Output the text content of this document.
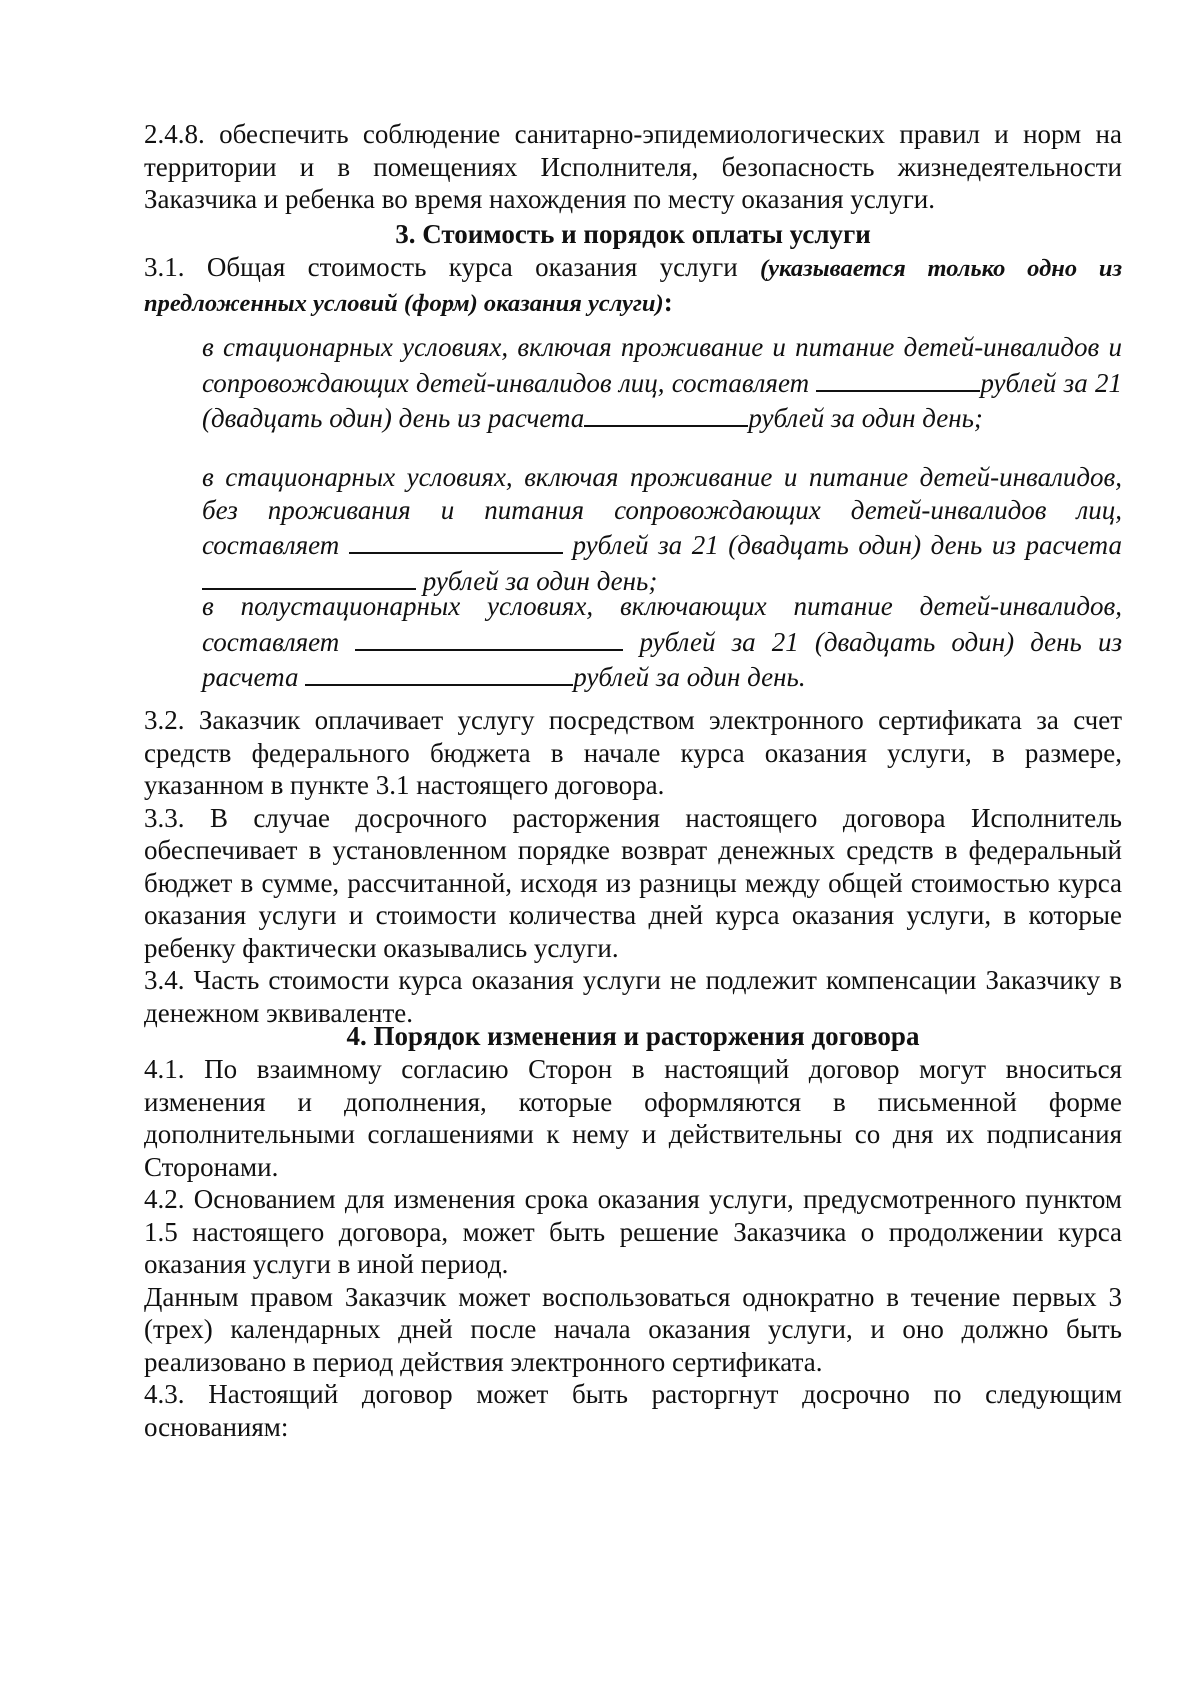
2.4.8. обеспечить соблюдение санитарно-эпидемиологических правил и норм на территории и в помещениях Исполнителя, безопасность жизнедеятельности Заказчика и ребенка во время нахождения по месту оказания услуги.

3. Стоимость и порядок оплаты услуги

3.1. Общая стоимость курса оказания услуги (указывается только одно из предложенных условий (форм) оказания услуги):

в стационарных условиях, включая проживание и питание детей-инвалидов и сопровождающих детей-инвалидов лиц, составляет	рублей за 21 (двадцать один) день из расчета	рублей за один день;
в стационарных условиях, включая проживание и питание детей-инвалидов, без проживания и питания сопровождающих детей-инвалидов лиц, составляет	рублей за 21 (двадцать один) день из расчета  рублей за один день;
в полустационарных условиях, включающих питание детей-инвалидов, составляет	рублей за 21 (двадцать один) день из расчета	рублей за один день.

3.2. Заказчик оплачивает услугу посредством электронного сертификата за счет средств федерального бюджета в начале курса оказания услуги, в размере, указанном в пункте 3.1 настоящего договора.

3.3. В случае досрочного расторжения настоящего договора Исполнитель обеспечивает в установленном порядке возврат денежных средств в федеральный бюджет в сумме, рассчитанной, исходя из разницы между общей стоимостью курса оказания услуги и стоимости количества дней курса оказания услуги, в которые ребенку фактически оказывались услуги.

3.4. Часть стоимости курса оказания услуги не подлежит компенсации Заказчику в денежном эквиваленте.

4. Порядок изменения и расторжения договора

4.1. По взаимному согласию Сторон в настоящий договор могут вноситься изменения и дополнения, которые оформляются в письменной форме дополнительными соглашениями к нему и действительны со дня их подписания Сторонами.

4.2. Основанием для изменения срока оказания услуги, предусмотренного пунктом 1.5 настоящего договора, может быть решение Заказчика о продолжении курса оказания услуги в иной период.

Данным правом Заказчик может воспользоваться однократно в течение первых 3 (трех) календарных дней после начала оказания услуги, и оно должно быть реализовано в период действия электронного сертификата.

4.3. Настоящий договор может быть расторгнут досрочно по следующим основаниям:
